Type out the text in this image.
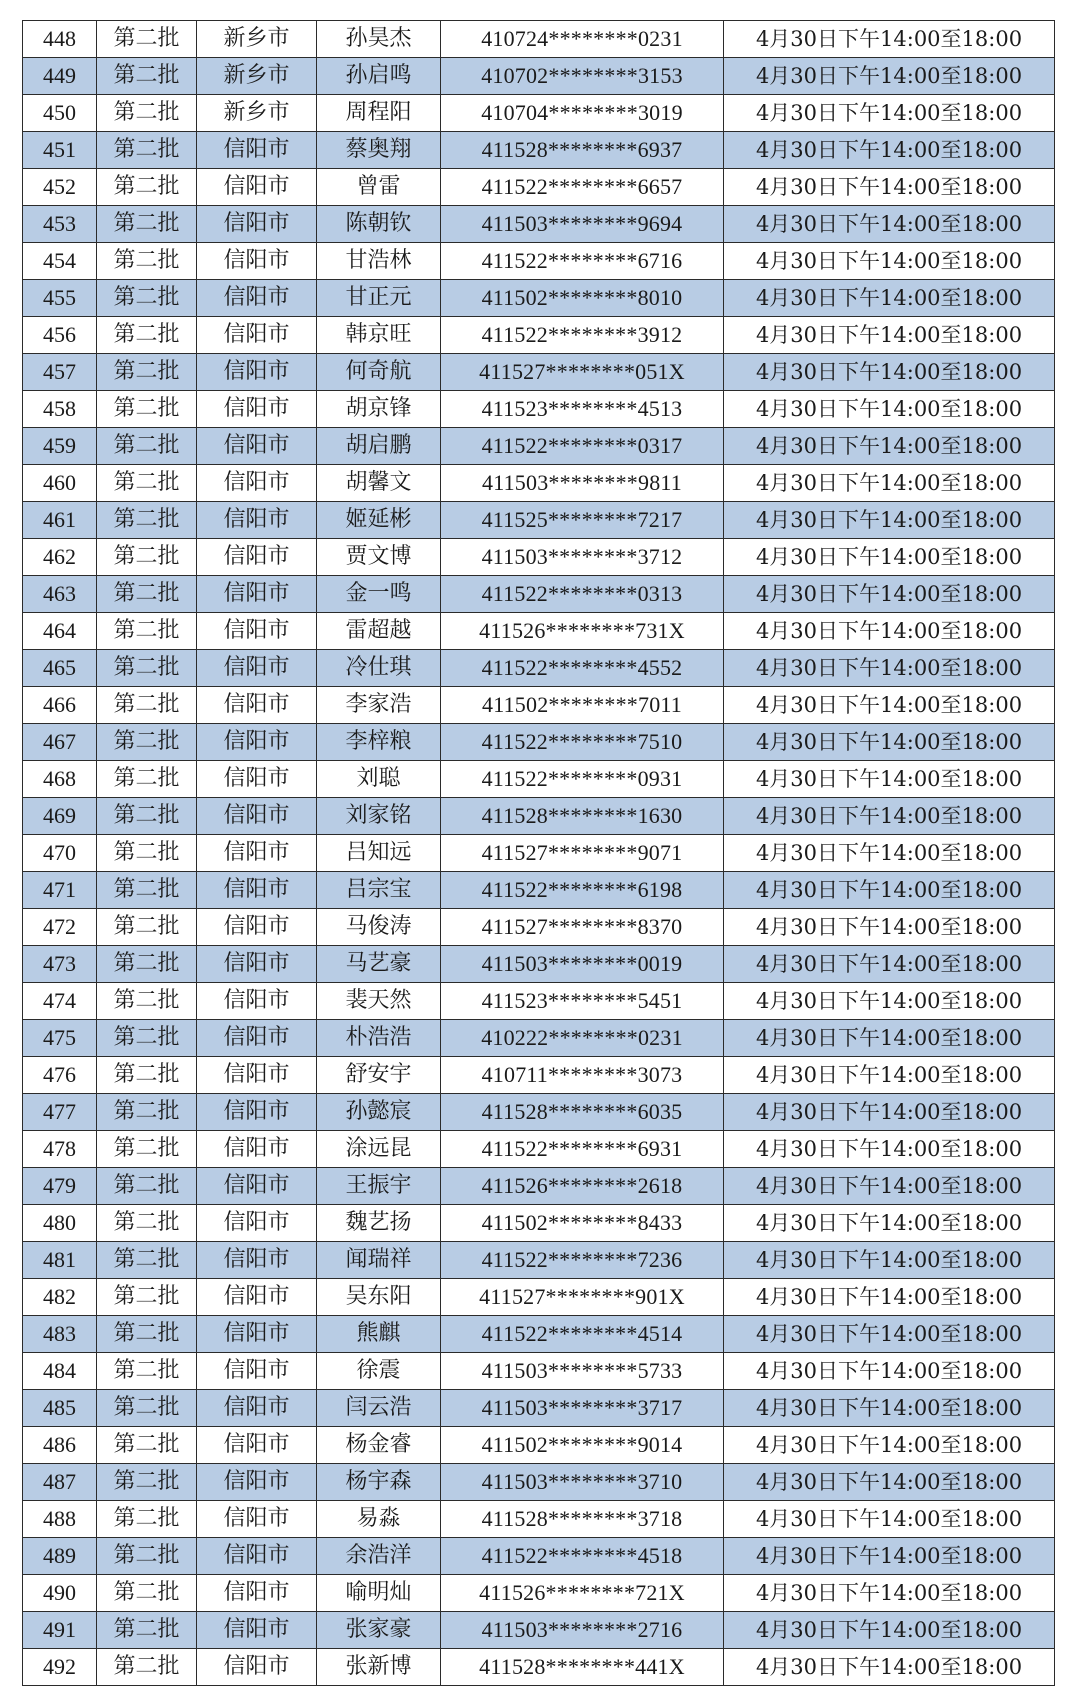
448	第二批	新乡市	孙昊杰	410724********0231	4月30日下午14:00至18:00
449	第二批	新乡市	孙启鸣	410702********3153	4月30日下午14:00至18:00
450	第二批	新乡市	周程阳	410704********3019	4月30日下午14:00至18:00
451	第二批	信阳市	蔡奥翔	411528********6937	4月30日下午14:00至18:00
452	第二批	信阳市	曾雷	411522********6657	4月30日下午14:00至18:00
453	第二批	信阳市	陈朝钦	411503********9694	4月30日下午14:00至18:00
454	第二批	信阳市	甘浩林	411522********6716	4月30日下午14:00至18:00
455	第二批	信阳市	甘正元	411502********8010	4月30日下午14:00至18:00
456	第二批	信阳市	韩京旺	411522********3912	4月30日下午14:00至18:00
457	第二批	信阳市	何奇航	411527********051X	4月30日下午14:00至18:00
458	第二批	信阳市	胡京锋	411523********4513	4月30日下午14:00至18:00
459	第二批	信阳市	胡启鹏	411522********0317	4月30日下午14:00至18:00
460	第二批	信阳市	胡馨文	411503********9811	4月30日下午14:00至18:00
461	第二批	信阳市	姬延彬	411525********7217	4月30日下午14:00至18:00
462	第二批	信阳市	贾文博	411503********3712	4月30日下午14:00至18:00
463	第二批	信阳市	金一鸣	411522********0313	4月30日下午14:00至18:00
464	第二批	信阳市	雷超越	411526********731X	4月30日下午14:00至18:00
465	第二批	信阳市	冷仕琪	411522********4552	4月30日下午14:00至18:00
466	第二批	信阳市	李家浩	411502********7011	4月30日下午14:00至18:00
467	第二批	信阳市	李梓粮	411522********7510	4月30日下午14:00至18:00
468	第二批	信阳市	刘聪	411522********0931	4月30日下午14:00至18:00
469	第二批	信阳市	刘家铭	411528********1630	4月30日下午14:00至18:00
470	第二批	信阳市	吕知远	411527********9071	4月30日下午14:00至18:00
471	第二批	信阳市	吕宗宝	411522********6198	4月30日下午14:00至18:00
472	第二批	信阳市	马俊涛	411527********8370	4月30日下午14:00至18:00
473	第二批	信阳市	马艺豪	411503********0019	4月30日下午14:00至18:00
474	第二批	信阳市	裴天然	411523********5451	4月30日下午14:00至18:00
475	第二批	信阳市	朴浩浩	410222********0231	4月30日下午14:00至18:00
476	第二批	信阳市	舒安宇	410711********3073	4月30日下午14:00至18:00
477	第二批	信阳市	孙懿宸	411528********6035	4月30日下午14:00至18:00
478	第二批	信阳市	涂远昆	411522********6931	4月30日下午14:00至18:00
479	第二批	信阳市	王振宇	411526********2618	4月30日下午14:00至18:00
480	第二批	信阳市	魏艺扬	411502********8433	4月30日下午14:00至18:00
481	第二批	信阳市	闻瑞祥	411522********7236	4月30日下午14:00至18:00
482	第二批	信阳市	吴东阳	411527********901X	4月30日下午14:00至18:00
483	第二批	信阳市	熊麒	411522********4514	4月30日下午14:00至18:00
484	第二批	信阳市	徐震	411503********5733	4月30日下午14:00至18:00
485	第二批	信阳市	闫云浩	411503********3717	4月30日下午14:00至18:00
486	第二批	信阳市	杨金睿	411502********9014	4月30日下午14:00至18:00
487	第二批	信阳市	杨宇森	411503********3710	4月30日下午14:00至18:00
488	第二批	信阳市	易淼	411528********3718	4月30日下午14:00至18:00
489	第二批	信阳市	余浩洋	411522********4518	4月30日下午14:00至18:00
490	第二批	信阳市	喻明灿	411526********721X	4月30日下午14:00至18:00
491	第二批	信阳市	张家豪	411503********2716	4月30日下午14:00至18:00
492	第二批	信阳市	张新博	411528********441X	4月30日下午14:00至18:00
